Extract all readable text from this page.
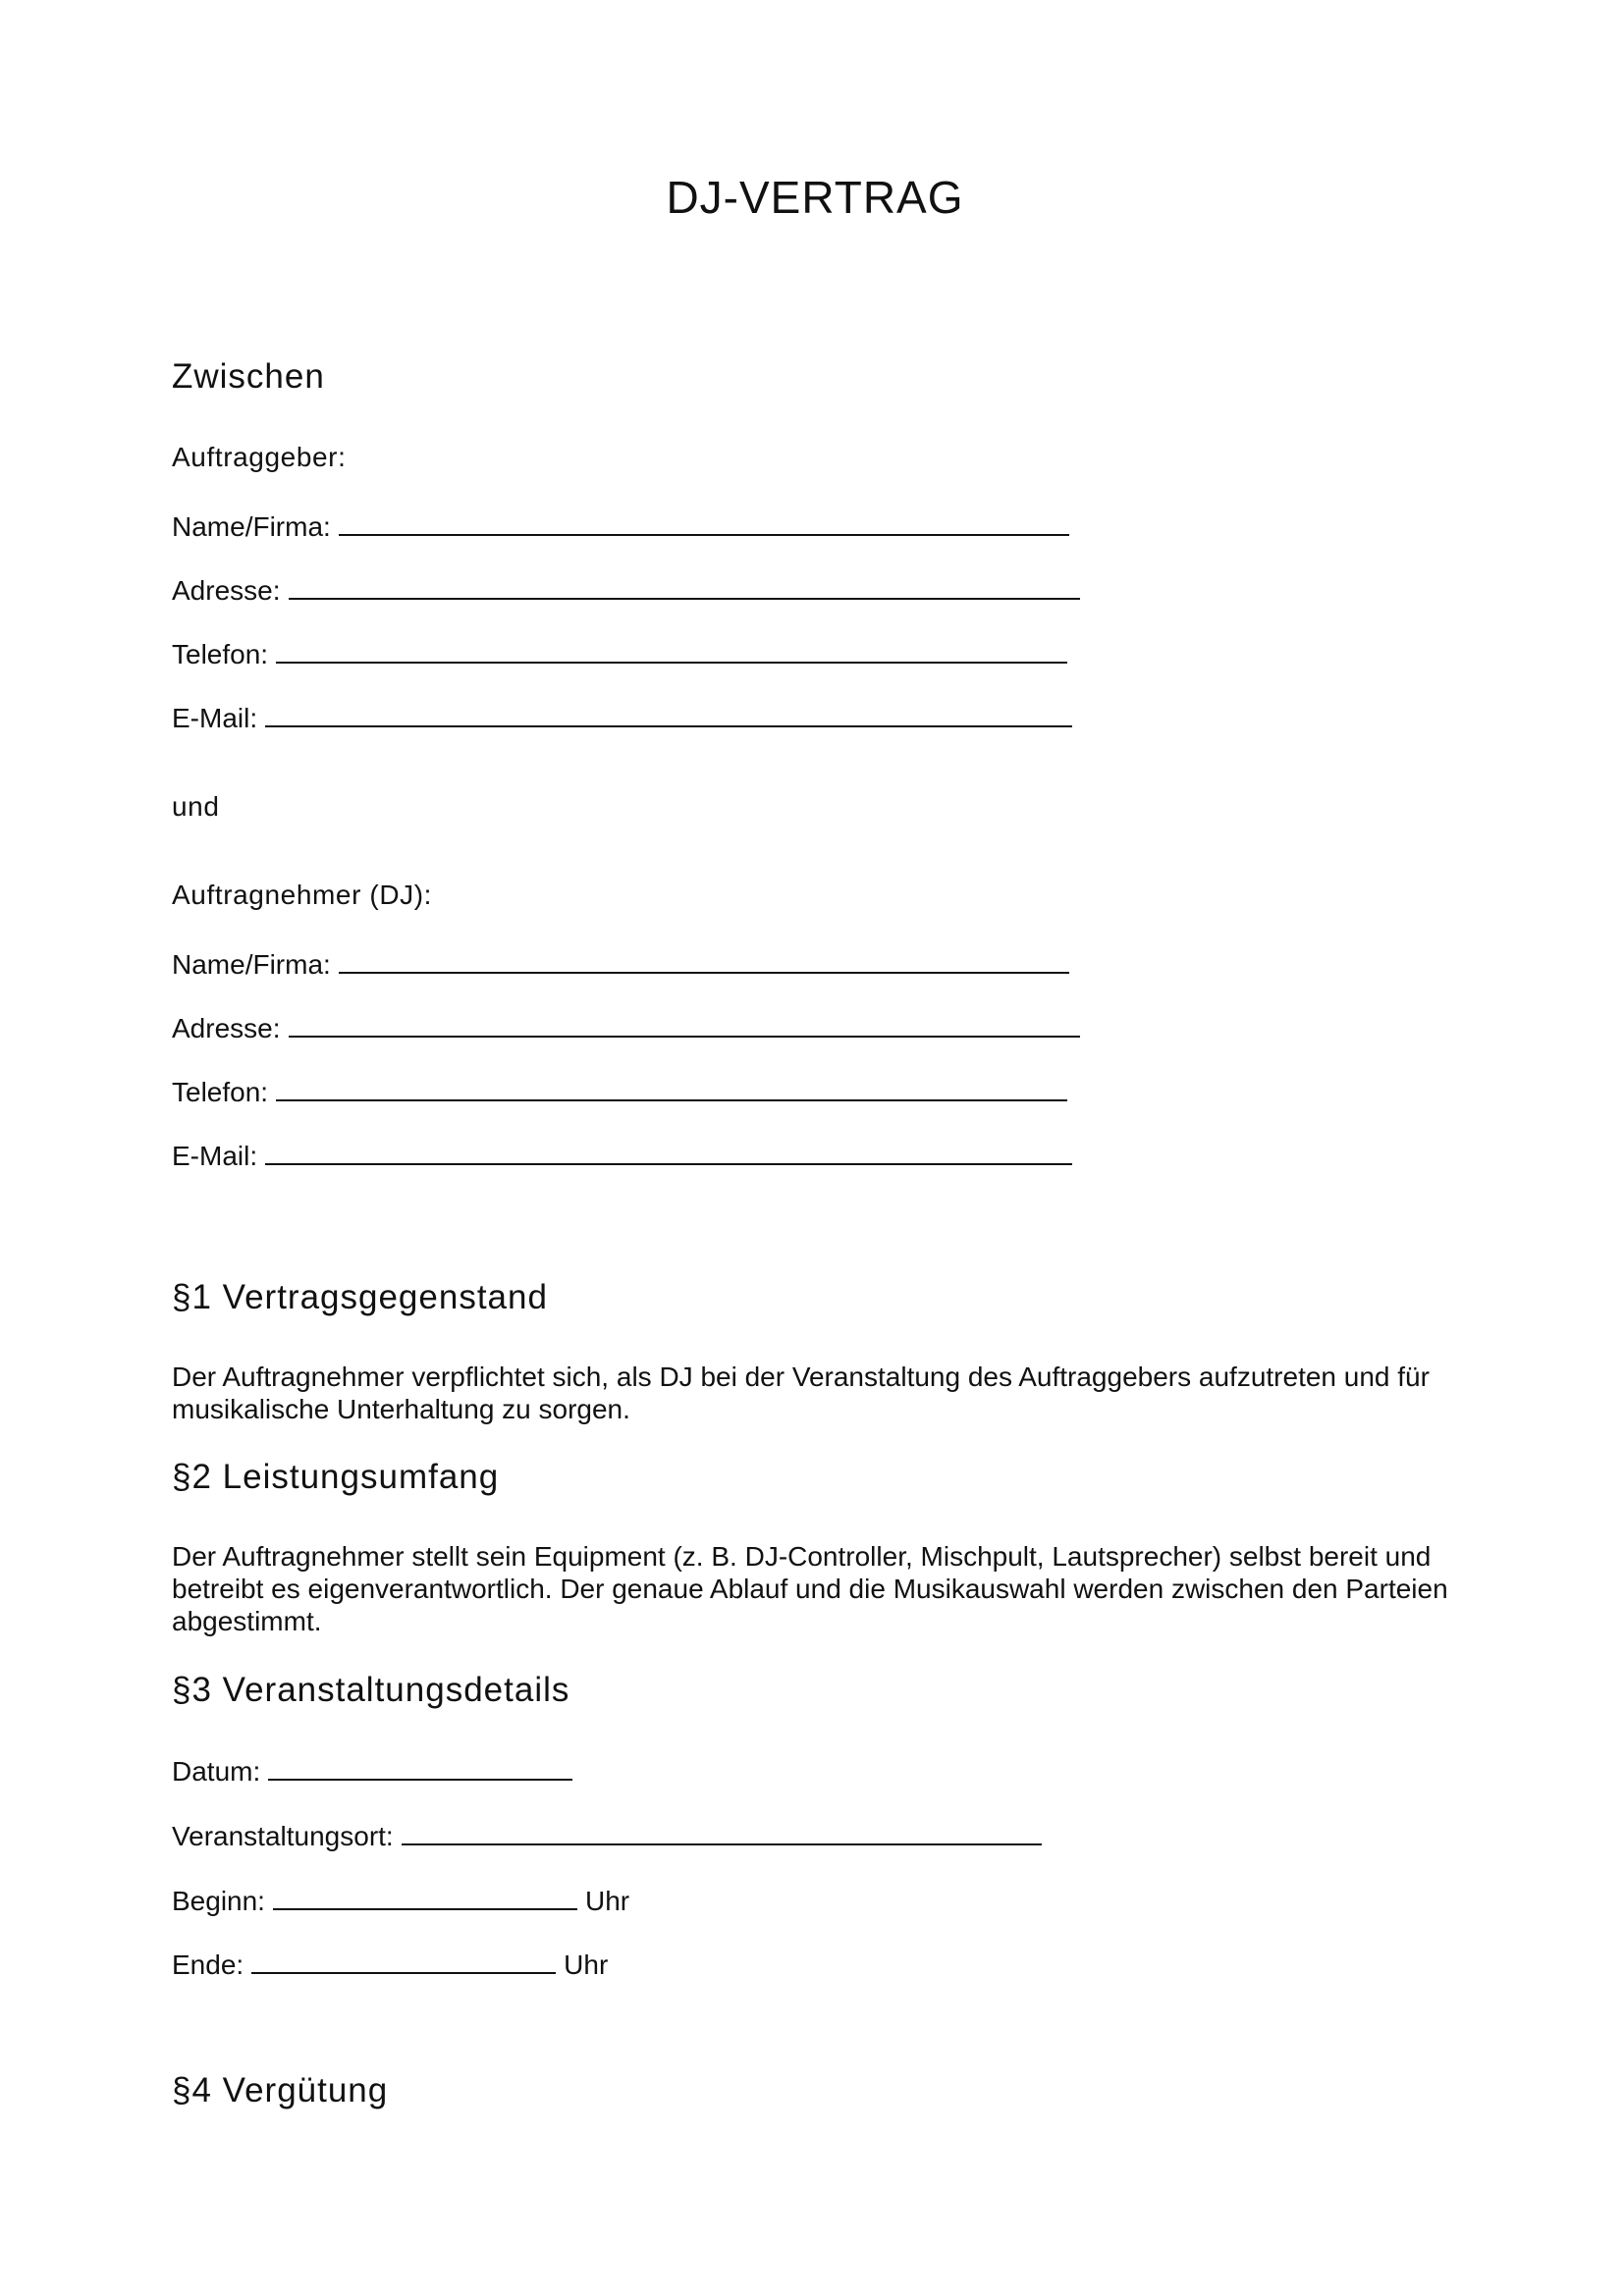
DJ-VERTRAG
Zwischen

Auftraggeber:

Name/Firma:
Adresse:
Telefon:
E-Mail:

und

Auftragnehmer (DJ):

Name/Firma:
Adresse:
Telefon:
E-Mail:
§1 Vertragsgegenstand

Der Auftragnehmer verpflichtet sich, als DJ bei der Veranstaltung des Auftraggebers aufzutreten und für musikalische Unterhaltung zu sorgen.

§2 Leistungsumfang

Der Auftragnehmer stellt sein Equipment (z. B. DJ-Controller, Mischpult, Lautsprecher) selbst bereit und betreibt es eigenverantwortlich. Der genaue Ablauf und die Musikauswahl werden zwischen den Parteien abgestimmt.

§3 Veranstaltungsdetails
Datum:
Veranstaltungsort:
Beginn:	Uhr
Ende:	Uhr
§4 Vergütung
